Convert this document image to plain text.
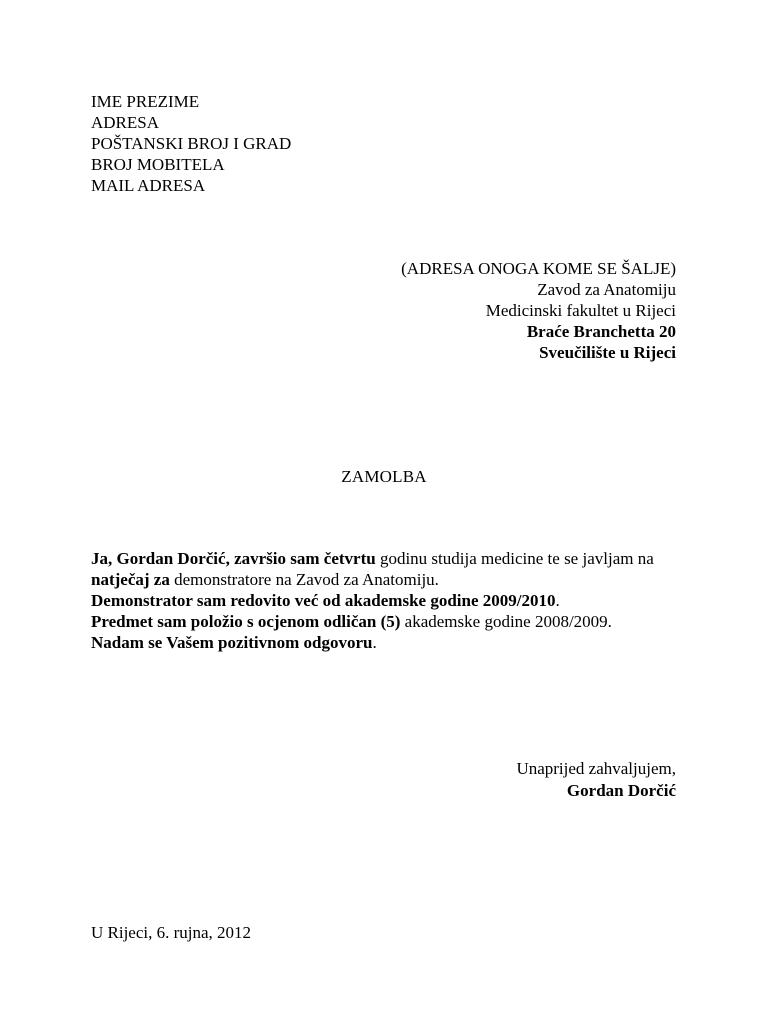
IME PREZIME
ADRESA
POŠTANSKI BROJ I GRAD
BROJ MOBITELA
MAIL ADRESA
(ADRESA ONOGA KOME SE ŠALJE)
Zavod za Anatomiju
Medicinski fakultet u Rijeci
Braće Branchetta 20
Sveučilište u Rijeci
ZAMOLBA
Ja, Gordan Dorčić, završio sam četvrtu godinu studija medicine te se javljam na
natječaj za demonstratore na Zavod za Anatomiju.
Demonstrator sam redovito već od akademske godine 2009/2010.
Predmet sam položio s ocjenom odličan (5) akademske godine 2008/2009.
Nadam se Vašem pozitivnom odgovoru.
Unaprijed zahvaljujem,
Gordan Dorčić
U Rijeci, 6. rujna, 2012
